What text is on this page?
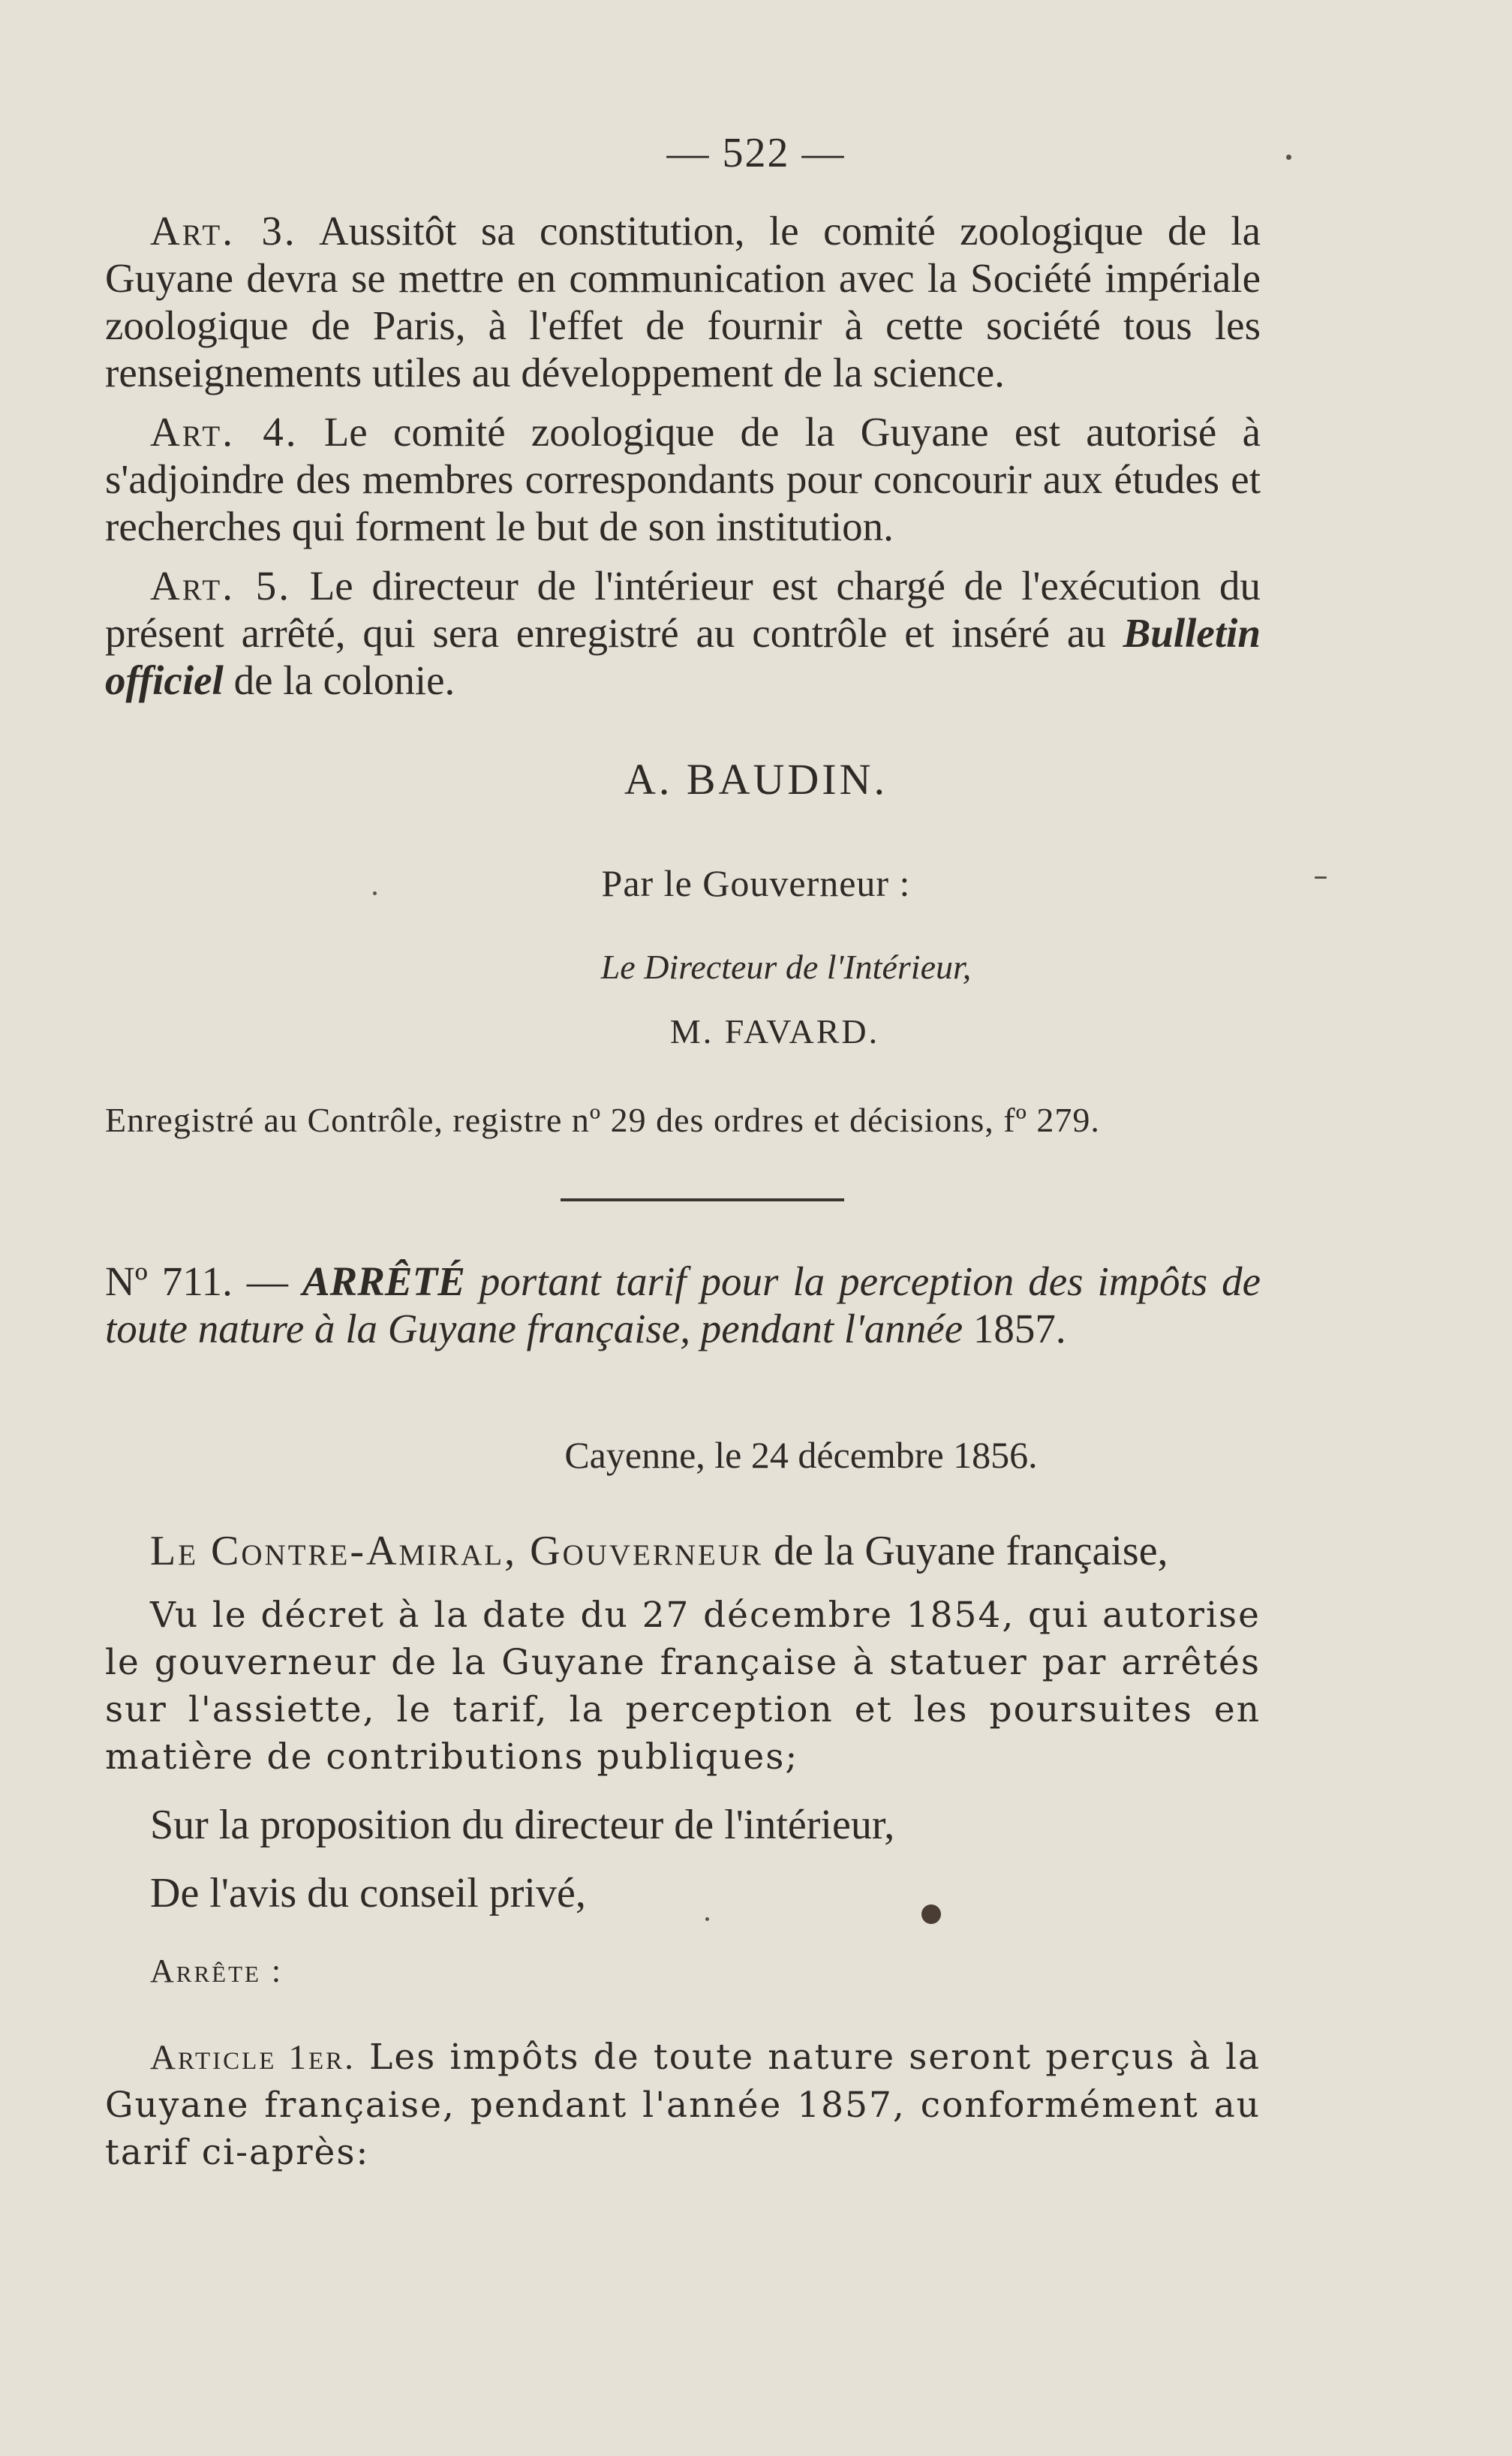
— 522 —

Art. 3. Aussitôt sa constitution, le comité zoologique de la Guyane devra se mettre en communication avec la Société impériale zoologique de Paris, à l'effet de fournir à cette société tous les renseignements utiles au développement de la science.

Art. 4. Le comité zoologique de la Guyane est autorisé à s'adjoindre des membres correspondants pour concourir aux études et recherches qui forment le but de son institution.

Art. 5. Le directeur de l'intérieur est chargé de l'exécution du présent arrêté, qui sera enregistré au contrôle et inséré au Bulletin officiel de la colonie.

A. BAUDIN.
Par le Gouverneur :
Le Directeur de l'Intérieur,
M. FAVARD.
Enregistré au Contrôle, registre nº 29 des ordres et décisions, fº 279.
Nº 711. — ARRÊTÉ portant tarif pour la perception des impôts de toute nature à la Guyane française, pendant l'année 1857.
Cayenne, le 24 décembre 1856.

Le Contre-Amiral, Gouverneur de la Guyane française,

Vu le décret à la date du 27 décembre 1854, qui autorise le gouverneur de la Guyane française à statuer par arrêtés sur l'assiette, le tarif, la perception et les poursuites en matière de contributions publiques;

Sur la proposition du directeur de l'intérieur,

De l'avis du conseil privé,

Arrête :

Article 1er. Les impôts de toute nature seront perçus à la Guyane française, pendant l'année 1857, conformément au tarif ci-après:
